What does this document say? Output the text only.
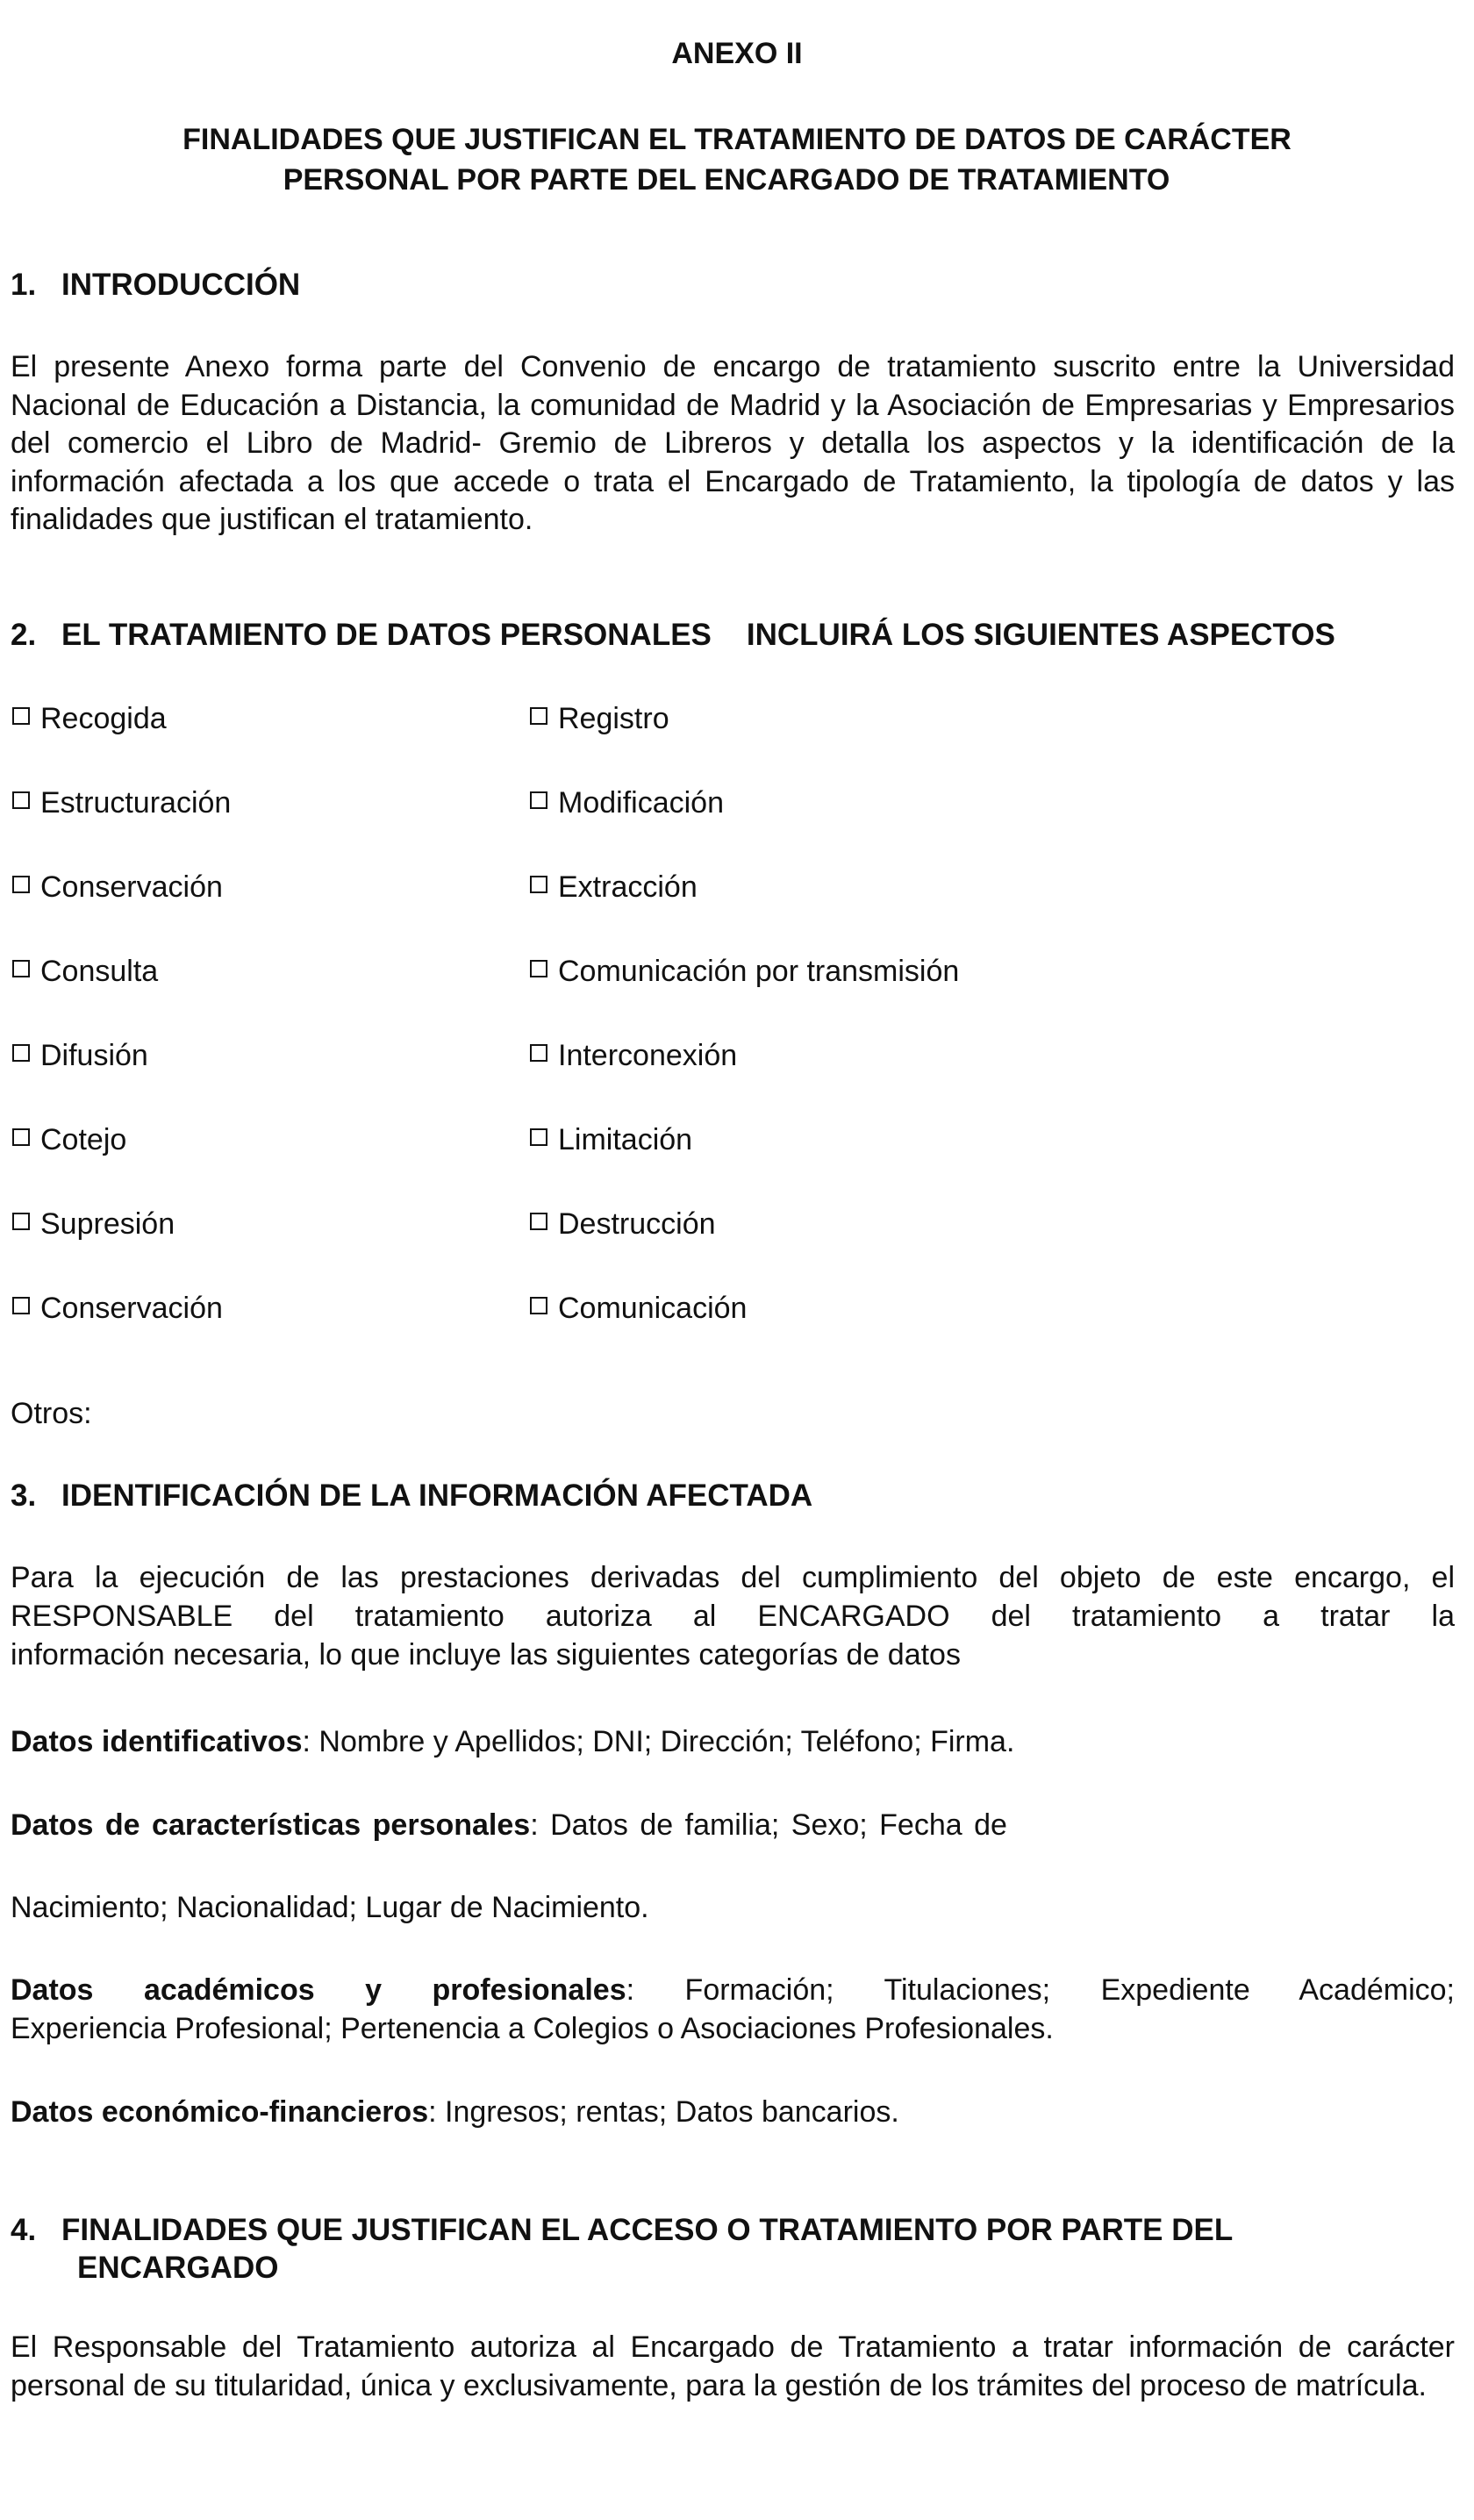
ANEXO II
FINALIDADES QUE JUSTIFICAN EL TRATAMIENTO DE DATOS DE CARÁCTER
PERSONAL POR PARTE DEL ENCARGADO DE TRATAMIENTO
1. INTRODUCCIÓN
El presente Anexo forma parte del Convenio de encargo de tratamiento suscrito entre la Universidad Nacional de Educación a Distancia, la comunidad de Madrid y la Asociación de Empresarias y Empresarios del comercio el Libro de Madrid- Gremio de Libreros y detalla los aspectos y la identificación de la información afectada a los que accede o trata el Encargado de Tratamiento, la tipología de datos y las finalidades que justifican el tratamiento.
2. EL TRATAMIENTO DE DATOS PERSONALES INCLUIRÁ LOS SIGUIENTES ASPECTOS
Recogida
Estructuración
Conservación
Consulta
Difusión
Cotejo
Supresión
Conservación
Registro
Modificación
Extracción
Comunicación por transmisión
Interconexión
Limitación
Destrucción
Comunicación
Otros:
3. IDENTIFICACIÓN DE LA INFORMACIÓN AFECTADA
Para la ejecución de las prestaciones derivadas del cumplimiento del objeto de este encargo, el
RESPONSABLE del tratamiento autoriza al ENCARGADO del tratamiento a tratar la
información necesaria, lo que incluye las siguientes categorías de datos
Datos identificativos: Nombre y Apellidos; DNI; Dirección; Teléfono; Firma.
Datos de características personales: Datos de familia; Sexo; Fecha de
Nacimiento; Nacionalidad; Lugar de Nacimiento.
Datos académicos y profesionales: Formación; Titulaciones; Expediente Académico;
Experiencia Profesional; Pertenencia a Colegios o Asociaciones Profesionales.
Datos económico-financieros: Ingresos; rentas; Datos bancarios.
4. FINALIDADES QUE JUSTIFICAN EL ACCESO O TRATAMIENTO POR PARTE DEL
ENCARGADO
El Responsable del Tratamiento autoriza al Encargado de Tratamiento a tratar información de carácter personal de su titularidad, única y exclusivamente, para la gestión de los trámites del proceso de matrícula.
